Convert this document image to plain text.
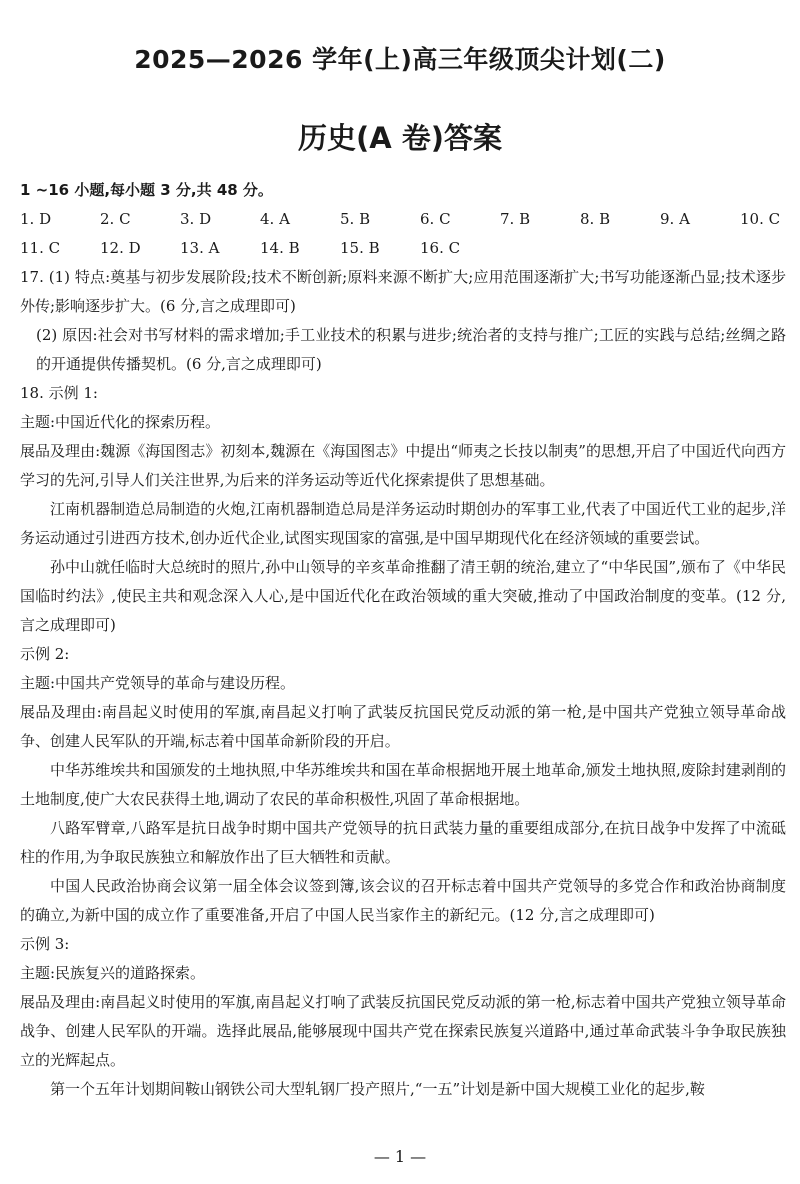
2025—2026 学年(上)高三年级顶尖计划(二)
历史(A 卷)答案
1 ~16 小题,每小题 3 分,共 48 分。
1. D	2. C	3. D	4. A	5. B	6. C	7. B	8. B	9. A	10. C
11. C	12. D	13. A	14. B	15. B	16. C

17. (1) 特点:奠基与初步发展阶段;技术不断创新;原料来源不断扩大;应用范围逐渐扩大;书写功能逐渐凸显;技术逐步外传;影响逐步扩大。(6 分,言之成理即可)

(2) 原因:社会对书写材料的需求增加;手工业技术的积累与进步;统治者的支持与推广;工匠的实践与总结;丝绸之路的开通提供传播契机。(6 分,言之成理即可)

18. 示例 1:

主题:中国近代化的探索历程。

展品及理由:魏源《海国图志》初刻本,魏源在《海国图志》中提出“师夷之长技以制夷”的思想,开启了中国近代向西方学习的先河,引导人们关注世界,为后来的洋务运动等近代化探索提供了思想基础。

江南机器制造总局制造的火炮,江南机器制造总局是洋务运动时期创办的军事工业,代表了中国近代工业的起步,洋务运动通过引进西方技术,创办近代企业,试图实现国家的富强,是中国早期现代化在经济领域的重要尝试。

孙中山就任临时大总统时的照片,孙中山领导的辛亥革命推翻了清王朝的统治,建立了“中华民国”,颁布了《中华民国临时约法》,使民主共和观念深入人心,是中国近代化在政治领域的重大突破,推动了中国政治制度的变革。(12 分,言之成理即可)

示例 2:

主题:中国共产党领导的革命与建设历程。

展品及理由:南昌起义时使用的军旗,南昌起义打响了武装反抗国民党反动派的第一枪,是中国共产党独立领导革命战争、创建人民军队的开端,标志着中国革命新阶段的开启。

中华苏维埃共和国颁发的土地执照,中华苏维埃共和国在革命根据地开展土地革命,颁发土地执照,废除封建剥削的土地制度,使广大农民获得土地,调动了农民的革命积极性,巩固了革命根据地。

八路军臂章,八路军是抗日战争时期中国共产党领导的抗日武装力量的重要组成部分,在抗日战争中发挥了中流砥柱的作用,为争取民族独立和解放作出了巨大牺牲和贡献。

中国人民政治协商会议第一届全体会议签到簿,该会议的召开标志着中国共产党领导的多党合作和政治协商制度的确立,为新中国的成立作了重要准备,开启了中国人民当家作主的新纪元。(12 分,言之成理即可)

示例 3:

主题:民族复兴的道路探索。

展品及理由:南昌起义时使用的军旗,南昌起义打响了武装反抗国民党反动派的第一枪,标志着中国共产党独立领导革命战争、创建人民军队的开端。选择此展品,能够展现中国共产党在探索民族复兴道路中,通过革命武装斗争争取民族独立的光辉起点。

第一个五年计划期间鞍山钢铁公司大型轧钢厂投产照片,“一五”计划是新中国大规模工业化的起步,鞍

— 1 —
